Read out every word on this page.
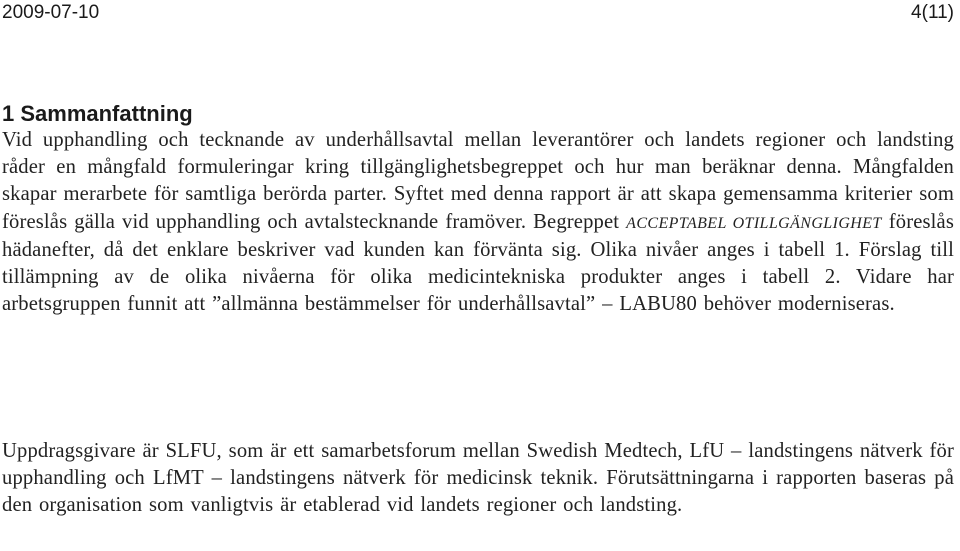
2009-07-10	4(11)
1 Sammanfattning

Vid upphandling och tecknande av underhållsavtal mellan leverantörer och landets regioner och landsting råder en mångfald formuleringar kring tillgänglighetsbegreppet och hur man beräknar denna. Mångfalden skapar merarbete för samtliga berörda parter. Syftet med denna rapport är att skapa gemensamma kriterier som föreslås gälla vid upphandling och avtalstecknande framöver. Begreppet ACCEPTABEL OTILLGÄNGLIGHET föreslås hädanefter, då det enklare beskriver vad kunden kan förvänta sig. Olika nivåer anges i tabell 1. Förslag till tillämpning av de olika nivåerna för olika medicintekniska produkter anges i tabell 2. Vidare har arbetsgruppen funnit att ”allmänna bestämmelser för underhållsavtal” – LABU80 behöver moderniseras.

Uppdragsgivare är SLFU, som är ett samarbetsforum mellan Swedish Medtech, LfU – landstingens nätverk för upphandling och LfMT – landstingens nätverk för medicinsk teknik. Förutsättningarna i rapporten baseras på den organisation som vanligtvis är etablerad vid landets regioner och landsting.
